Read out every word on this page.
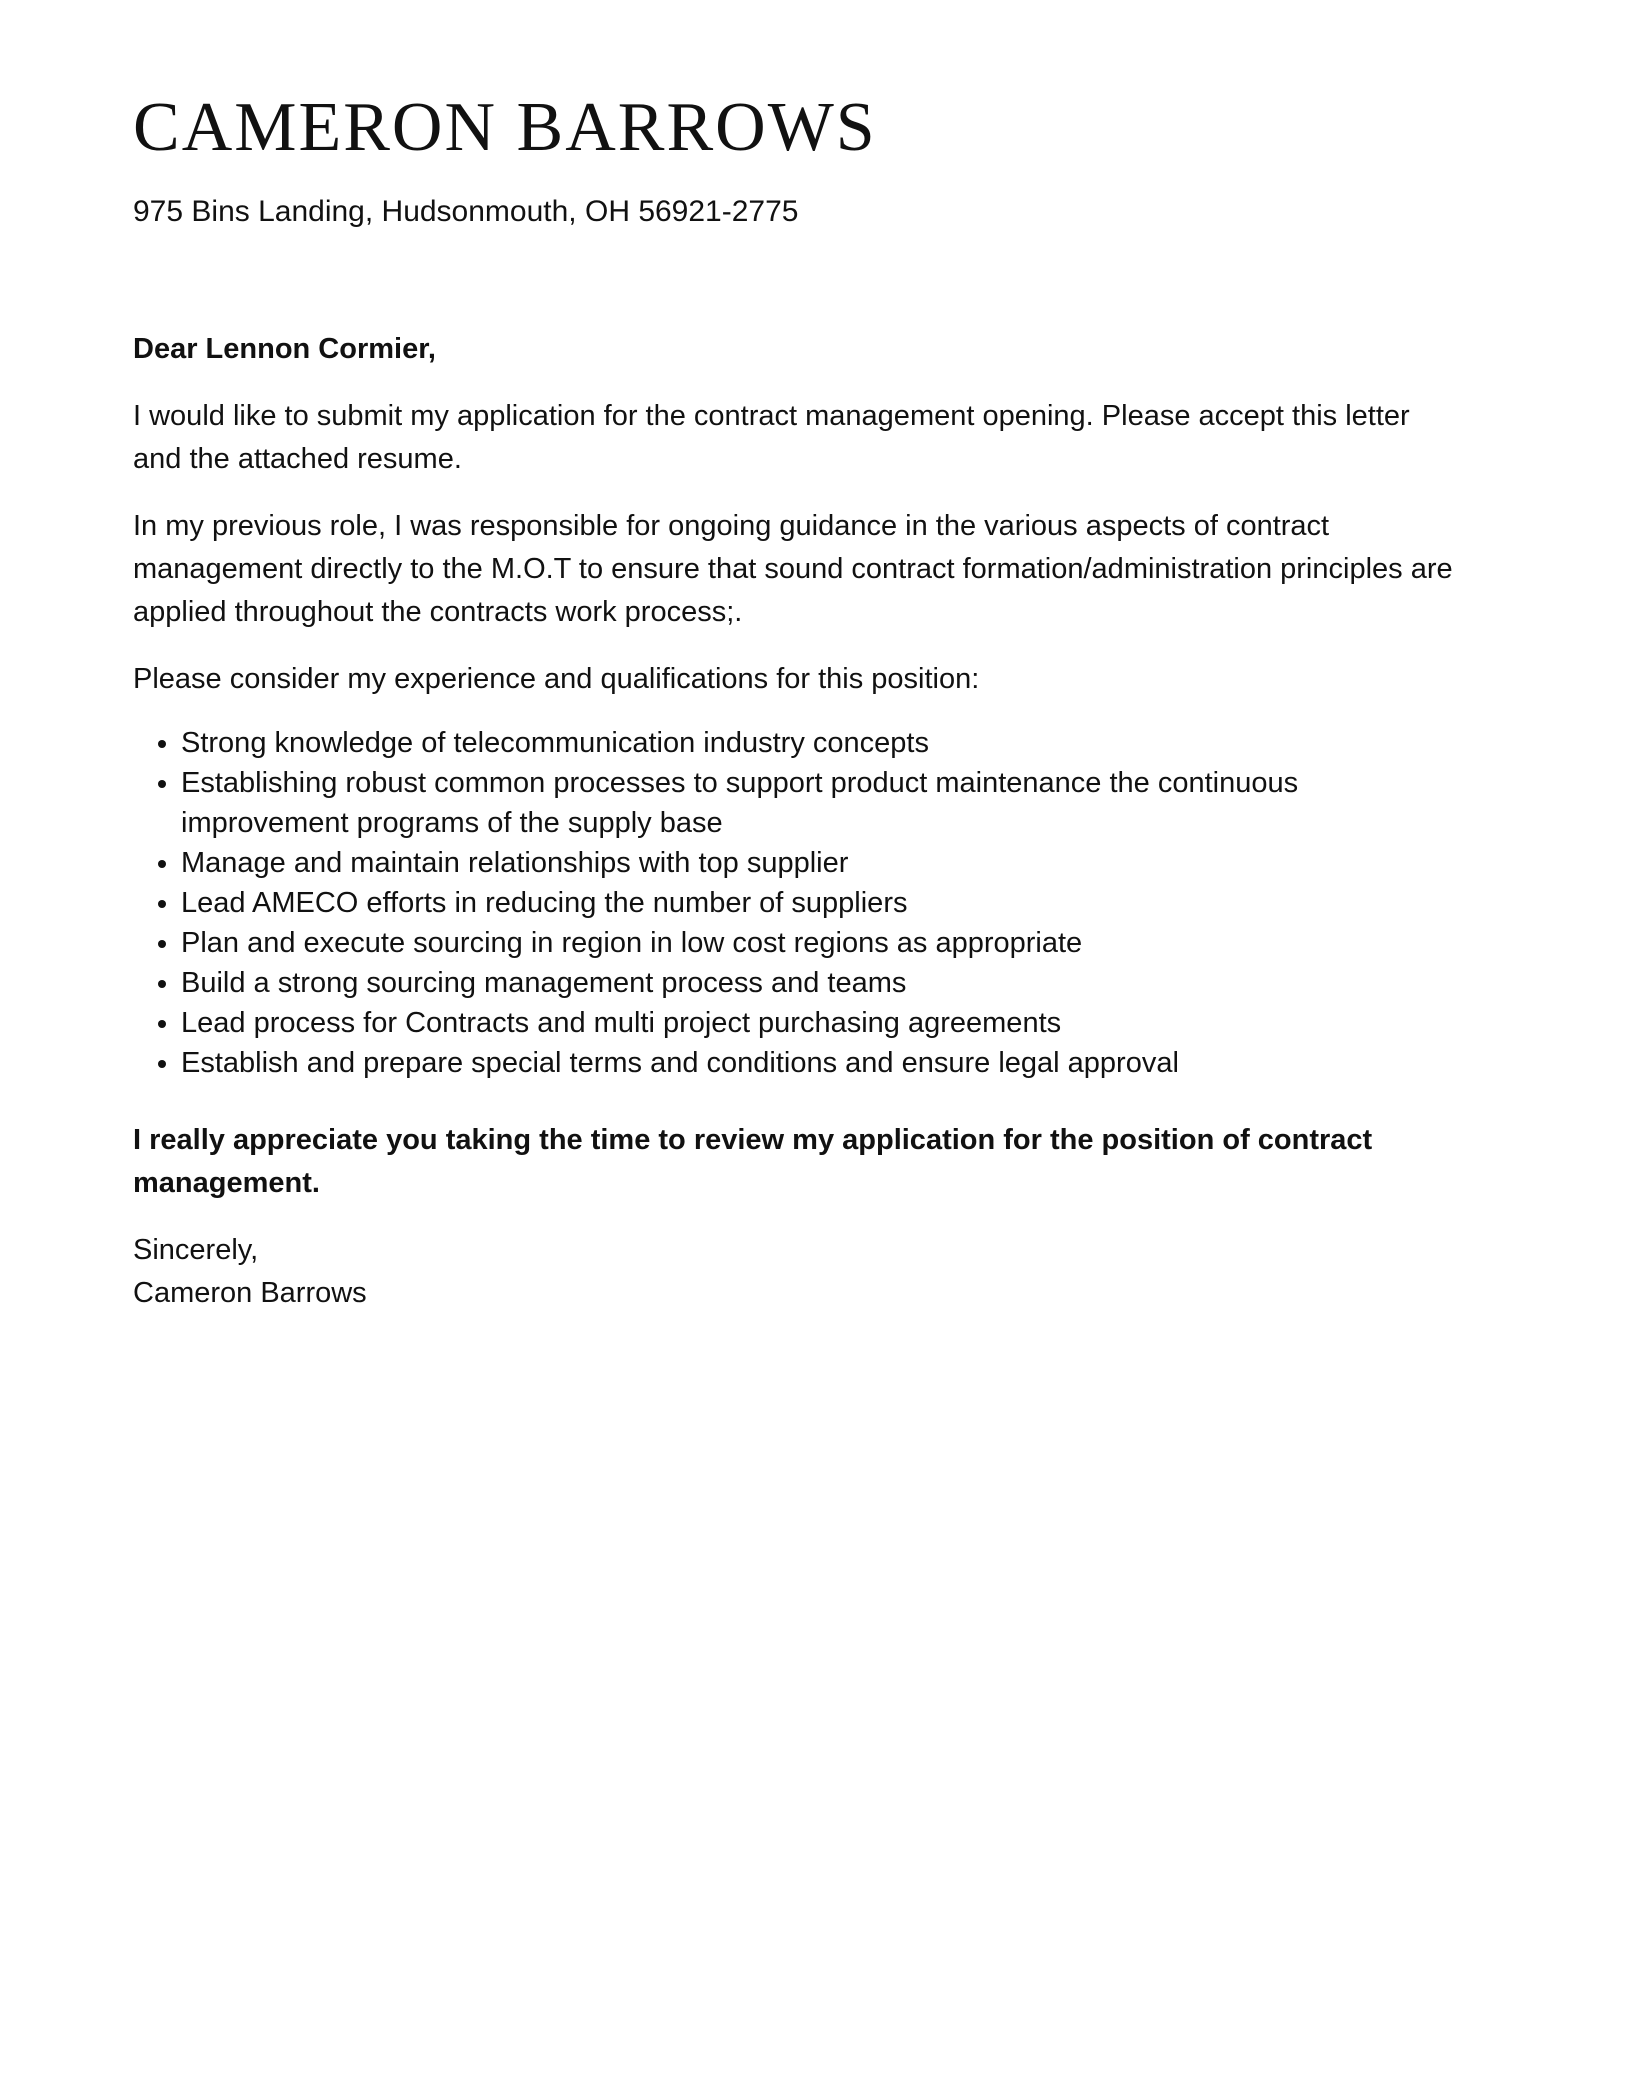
CAMERON BARROWS
975 Bins Landing, Hudsonmouth, OH 56921-2775

Dear Lennon Cormier,

I would like to submit my application for the contract management opening. Please accept this letter and the attached resume.

In my previous role, I was responsible for ongoing guidance in the various aspects of contract management directly to the M.O.T to ensure that sound contract formation/administration principles are applied throughout the contracts work process;.

Please consider my experience and qualifications for this position:

• Strong knowledge of telecommunication industry concepts
• Establishing robust common processes to support product maintenance the continuous improvement programs of the supply base
• Manage and maintain relationships with top supplier
• Lead AMECO efforts in reducing the number of suppliers
• Plan and execute sourcing in region in low cost regions as appropriate
• Build a strong sourcing management process and teams
• Lead process for Contracts and multi project purchasing agreements
• Establish and prepare special terms and conditions and ensure legal approval

I really appreciate you taking the time to review my application for the position of contract management.

Sincerely,

Cameron Barrows
